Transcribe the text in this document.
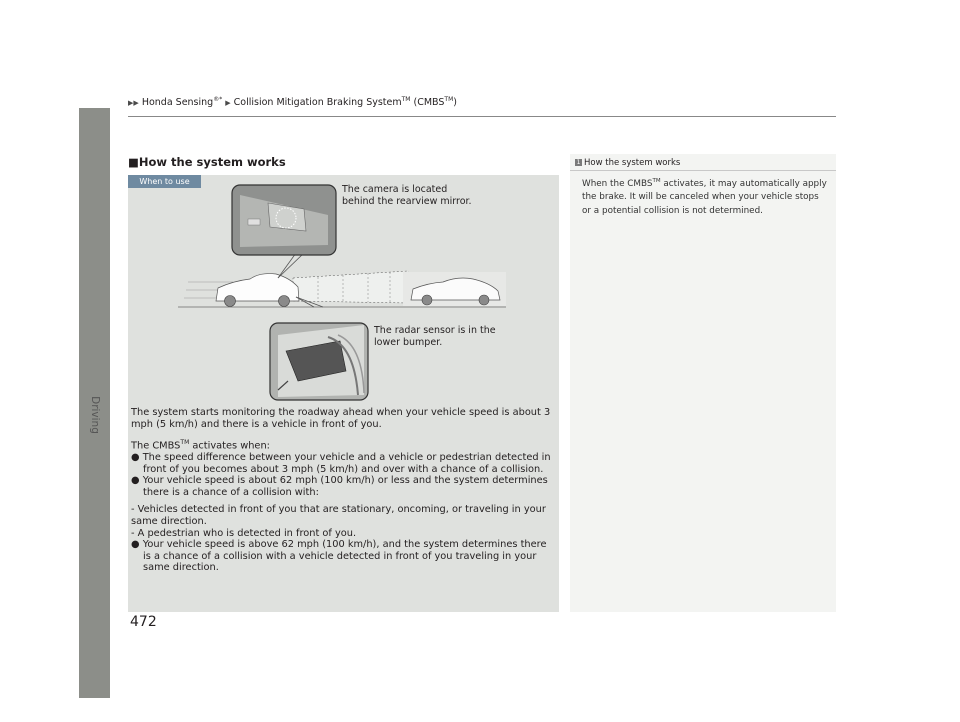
Driving
▶▶ Honda Sensing®* ▶ Collision Mitigation Braking System™ (CMBS™)
■How the system works
When to use
The camera is located behind the rearview mirror.
The radar sensor is in the lower bumper.

The system starts monitoring the roadway ahead when your vehicle speed is about 3 mph (5 km/h) and there is a vehicle in front of you.

The CMBS™ activates when:

● The speed difference between your vehicle and a vehicle or pedestrian detected in front of you becomes about 3 mph (5 km/h) and over with a chance of a collision.

● Your vehicle speed is about 62 mph (100 km/h) or less and the system determines there is a chance of a collision with:

- Vehicles detected in front of you that are stationary, oncoming, or traveling in your same direction.

- A pedestrian who is detected in front of you.

● Your vehicle speed is above 62 mph (100 km/h), and the system determines there is a chance of a collision with a vehicle detected in front of you traveling in your same direction.

1 How the system works
When the CMBS™ activates, it may automatically apply the brake. It will be canceled when your vehicle stops or a potential collision is not determined.
472
